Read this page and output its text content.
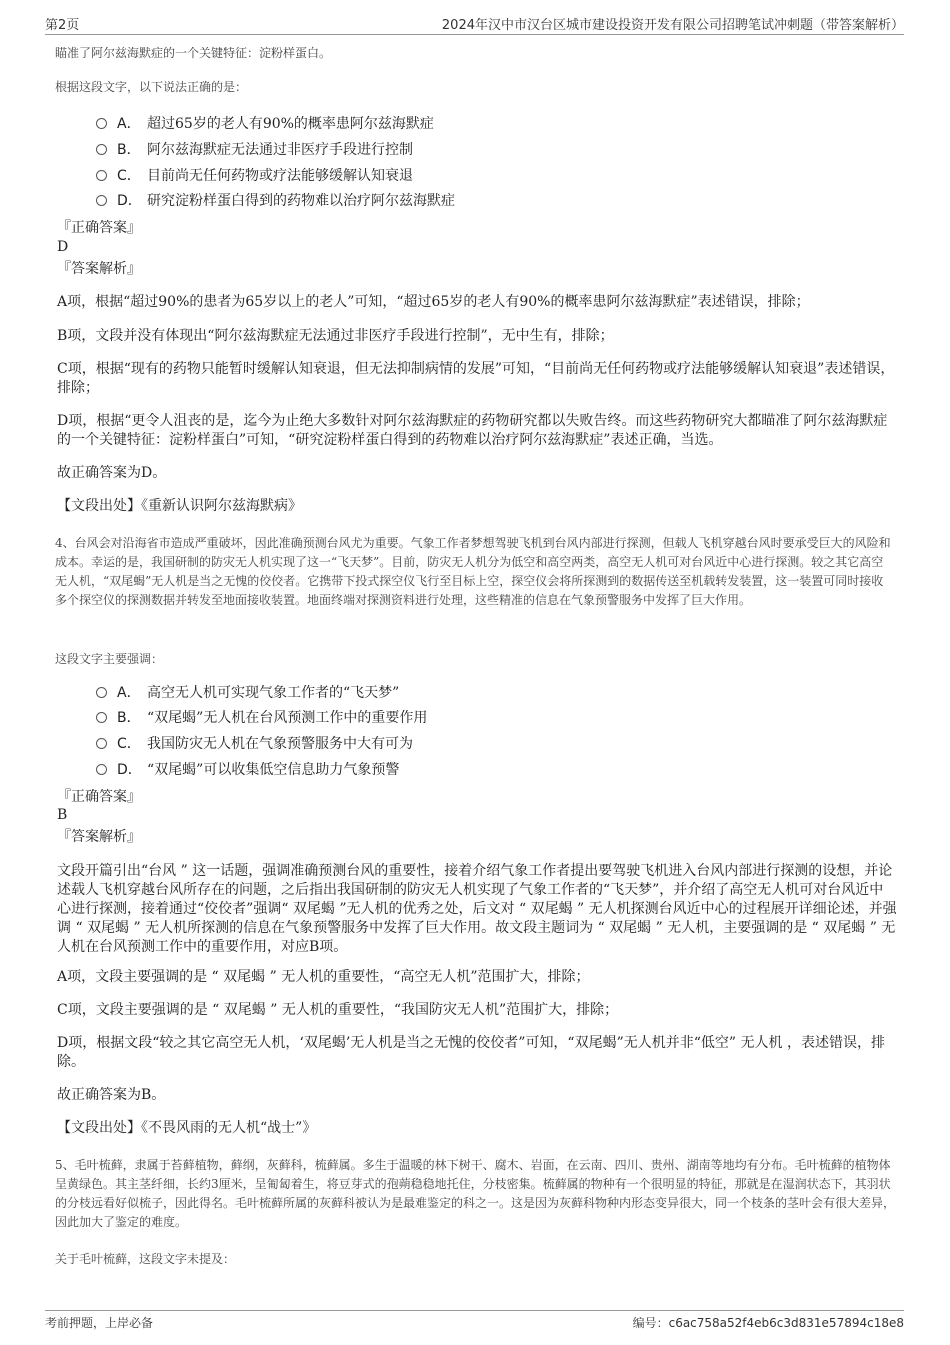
第2页	2024年汉中市汉台区城市建设投资开发有限公司招聘笔试冲刺题（带答案解析）

瞄准了阿尔兹海默症的一个关键特征：淀粉样蛋白。

根据这段文字，以下说法正确的是：

A． 超过65岁的老人有90%的概率患阿尔兹海默症
B． 阿尔兹海默症无法通过非医疗手段进行控制
C． 目前尚无任何药物或疗法能够缓解认知衰退
D． 研究淀粉样蛋白得到的药物难以治疗阿尔兹海默症

『正确答案』

D

『答案解析』

A项，根据“超过90%的患者为65岁以上的老人”可知，“超过65岁的老人有90%的概率患阿尔兹海默症”表述错误，排除；

B项，文段并没有体现出“阿尔兹海默症无法通过非医疗手段进行控制”，无中生有，排除；

C项，根据“现有的药物只能暂时缓解认知衰退，但无法抑制病情的发展”可知，“目前尚无任何药物或疗法能够缓解认知衰退”表述错误，排除；

D项，根据“更令人沮丧的是，迄今为止绝大多数针对阿尔兹海默症的药物研究都以失败告终。而这些药物研究大都瞄准了阿尔兹海默症的一个关键特征：淀粉样蛋白”可知，“研究淀粉样蛋白得到的药物难以治疗阿尔兹海默症”表述正确，当选。

故正确答案为D。

【文段出处】《重新认识阿尔兹海默病》

4、台风会对沿海省市造成严重破坏，因此准确预测台风尤为重要。气象工作者梦想驾驶飞机到台风内部进行探测，但载人飞机穿越台风时要承受巨大的风险和成本。幸运的是，我国研制的防灾无人机实现了这一“飞天梦”。目前，防灾无人机分为低空和高空两类，高空无人机可对台风近中心进行探测。较之其它高空无人机，“双尾蝎”无人机是当之无愧的佼佼者。它携带下投式探空仪飞行至目标上空，探空仪会将所探测到的数据传送至机载转发装置，这一装置可同时接收多个探空仪的探测数据并转发至地面接收装置。地面终端对探测资料进行处理，这些精准的信息在气象预警服务中发挥了巨大作用。

这段文字主要强调：

A． 高空无人机可实现气象工作者的“飞天梦”
B． “双尾蝎”无人机在台风预测工作中的重要作用
C． 我国防灾无人机在气象预警服务中大有可为
D． “双尾蝎”可以收集低空信息助力气象预警

『正确答案』

B

『答案解析』

文段开篇引出“台风 ” 这一话题，强调准确预测台风的重要性，接着介绍气象工作者提出要驾驶飞机进入台风内部进行探测的设想，并论述载人飞机穿越台风所存在的问题，之后指出我国研制的防灾无人机实现了气象工作者的“飞天梦”，并介绍了高空无人机可对台风近中心进行探测，接着通过“佼佼者”强调“ 双尾蝎 ”无人机的优秀之处，后文对 “ 双尾蝎 ” 无人机探测台风近中心的过程展开详细论述，并强调 “ 双尾蝎 ” 无人机所探测的信息在气象预警服务中发挥了巨大作用。故文段主题词为 “ 双尾蝎 ” 无人机，主要强调的是 “ 双尾蝎 ” 无人机在台风预测工作中的重要作用，对应B项。

A项，文段主要强调的是 “ 双尾蝎 ” 无人机的重要性，“高空无人机”范围扩大，排除；

C项，文段主要强调的是 “ 双尾蝎 ” 无人机的重要性，“我国防灾无人机”范围扩大，排除；

D项，根据文段“较之其它高空无人机，‘双尾蝎’无人机是当之无愧的佼佼者”可知，“双尾蝎”无人机并非“低空” 无人机 ，表述错误，排除。

故正确答案为B。

【文段出处】《不畏风雨的无人机“战士”》

5、毛叶梳藓，隶属于苔藓植物，藓纲，灰藓科，梳藓属。多生于温暖的林下树干、腐木、岩面，在云南、四川、贵州、湖南等地均有分布。毛叶梳藓的植物体呈黄绿色。其主茎纤细，长约3厘米，呈匍匐着生，将豆芽式的孢蒴稳稳地托住，分枝密集。梳藓属的物种有一个很明显的特征，那就是在湿润状态下，其羽状的分枝远看好似梳子，因此得名。毛叶梳藓所属的灰藓科被认为是最难鉴定的科之一。这是因为灰藓科物种内形态变异很大，同一个枝条的茎叶会有很大差异，因此加大了鉴定的难度。

关于毛叶梳藓，这段文字未提及：

考前押题，上岸必备	编号：c6ac758a52f4eb6c3d831e57894c18e8
